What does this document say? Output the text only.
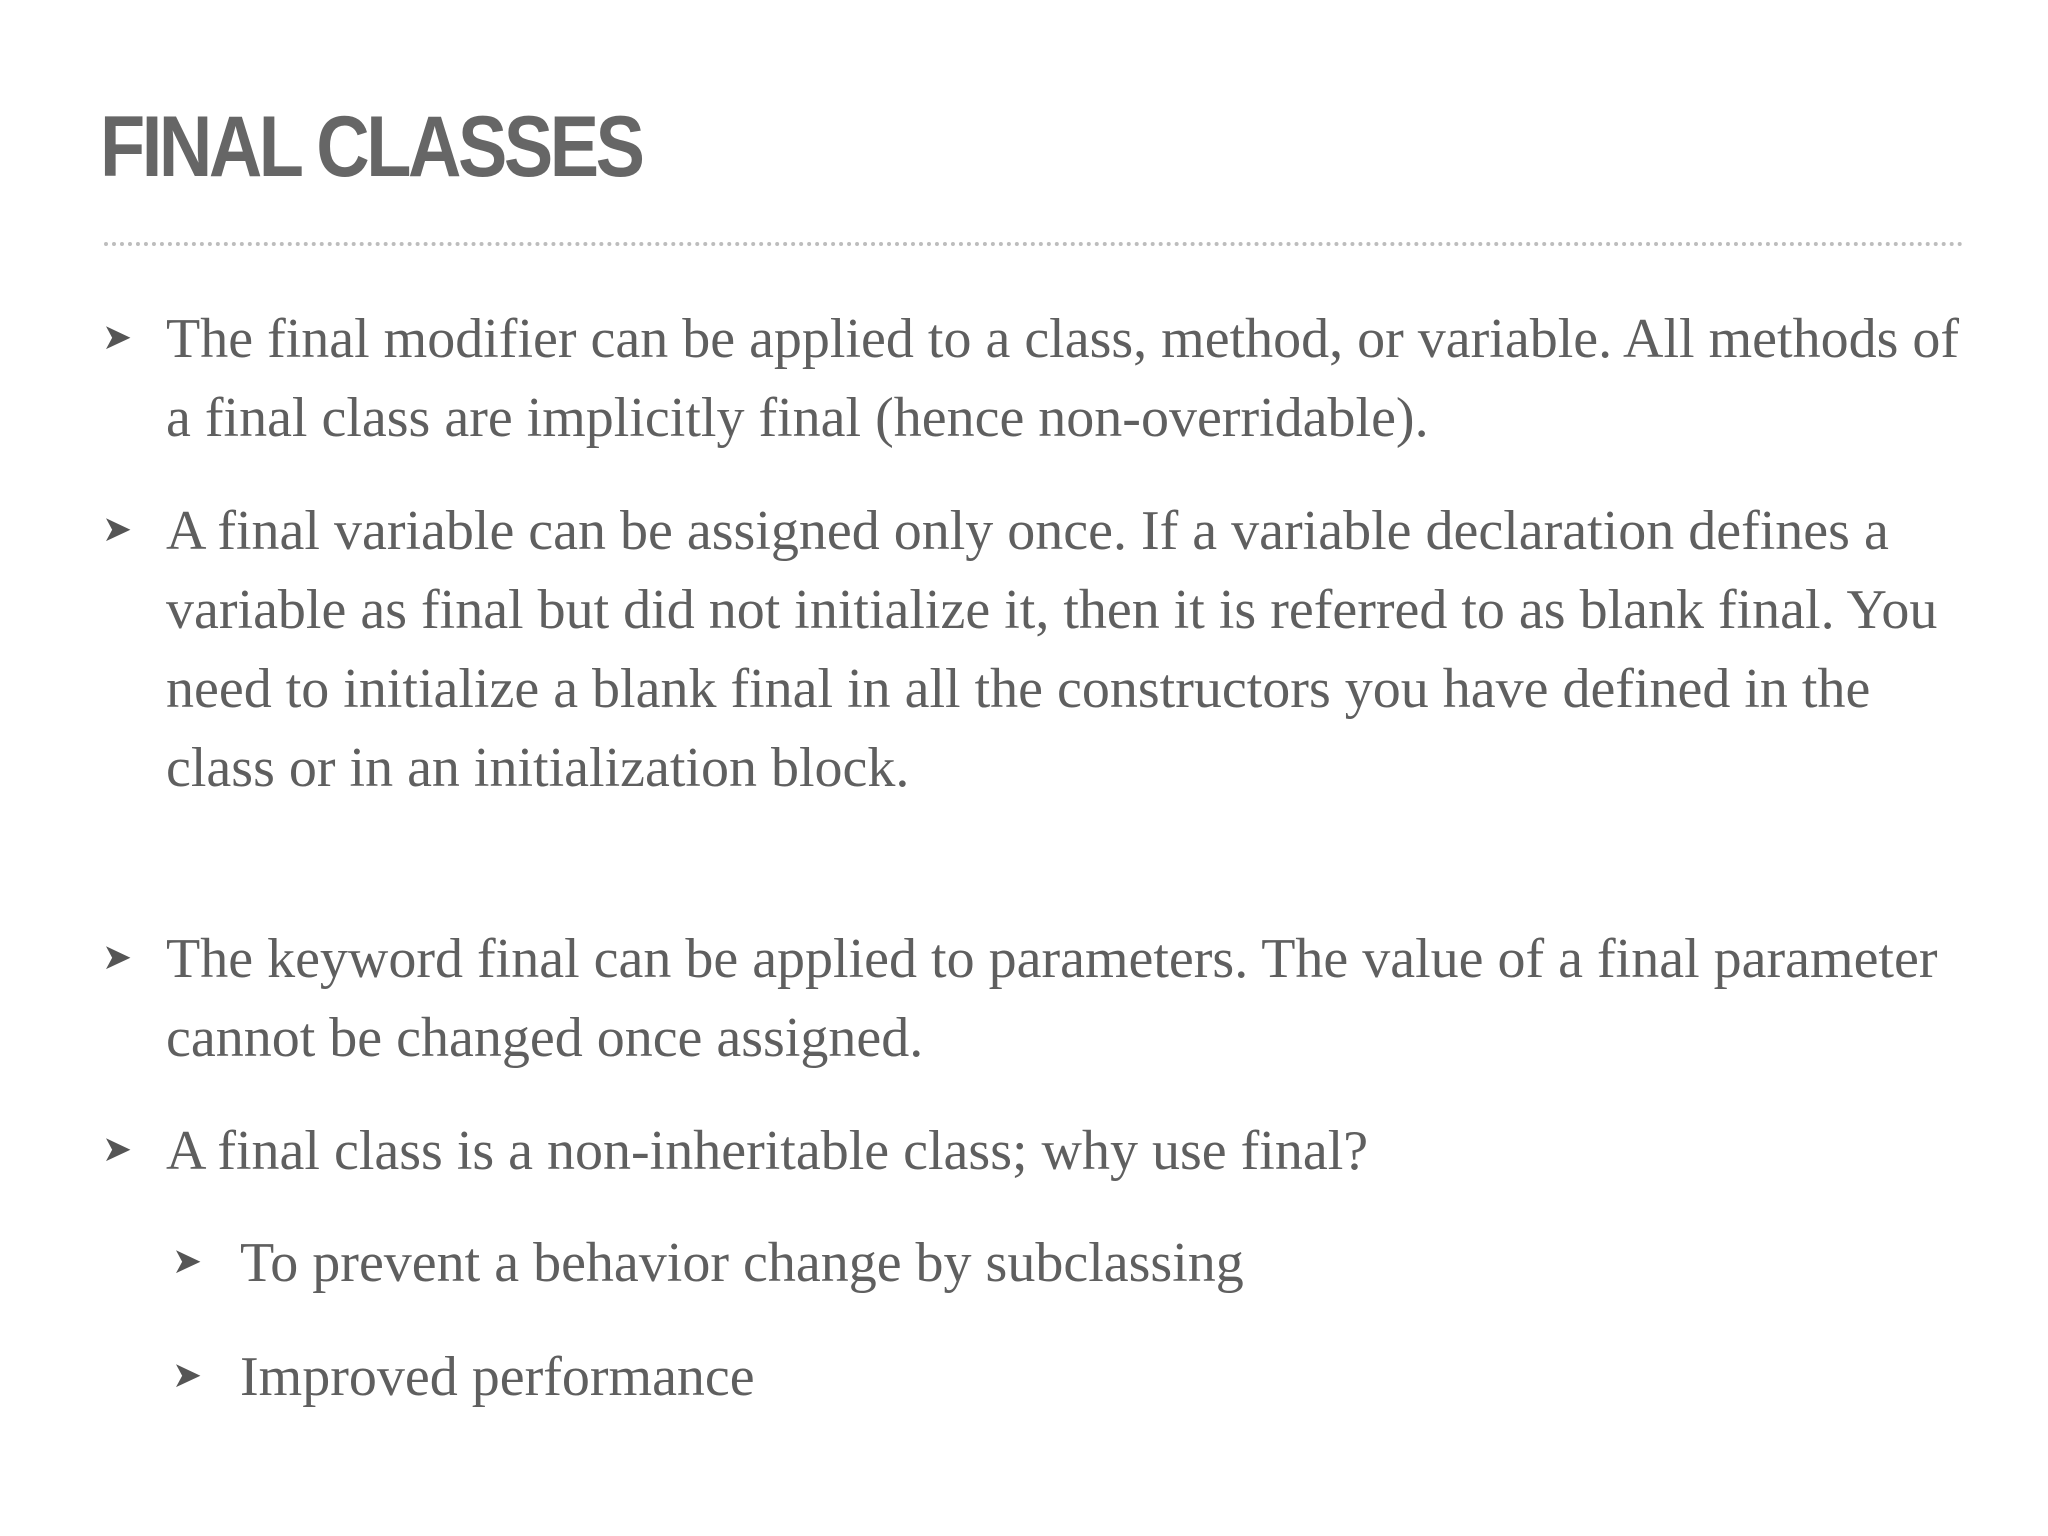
FINAL CLASSES
➤ The final modifier can be applied to a class, method, or variable. All methods of a final class are implicitly final (hence non-overridable).

➤ A final variable can be assigned only once. If a variable declaration defines a variable as final but did not initialize it, then it is referred to as blank final. You need to initialize a blank final in all the constructors you have defined in the class or in an initialization block.

➤ The keyword final can be applied to parameters. The value of a final parameter cannot be changed once assigned.

➤ A final class is a non-inheritable class; why use final?

➤ To prevent a behavior change by subclassing

➤ Improved performance
